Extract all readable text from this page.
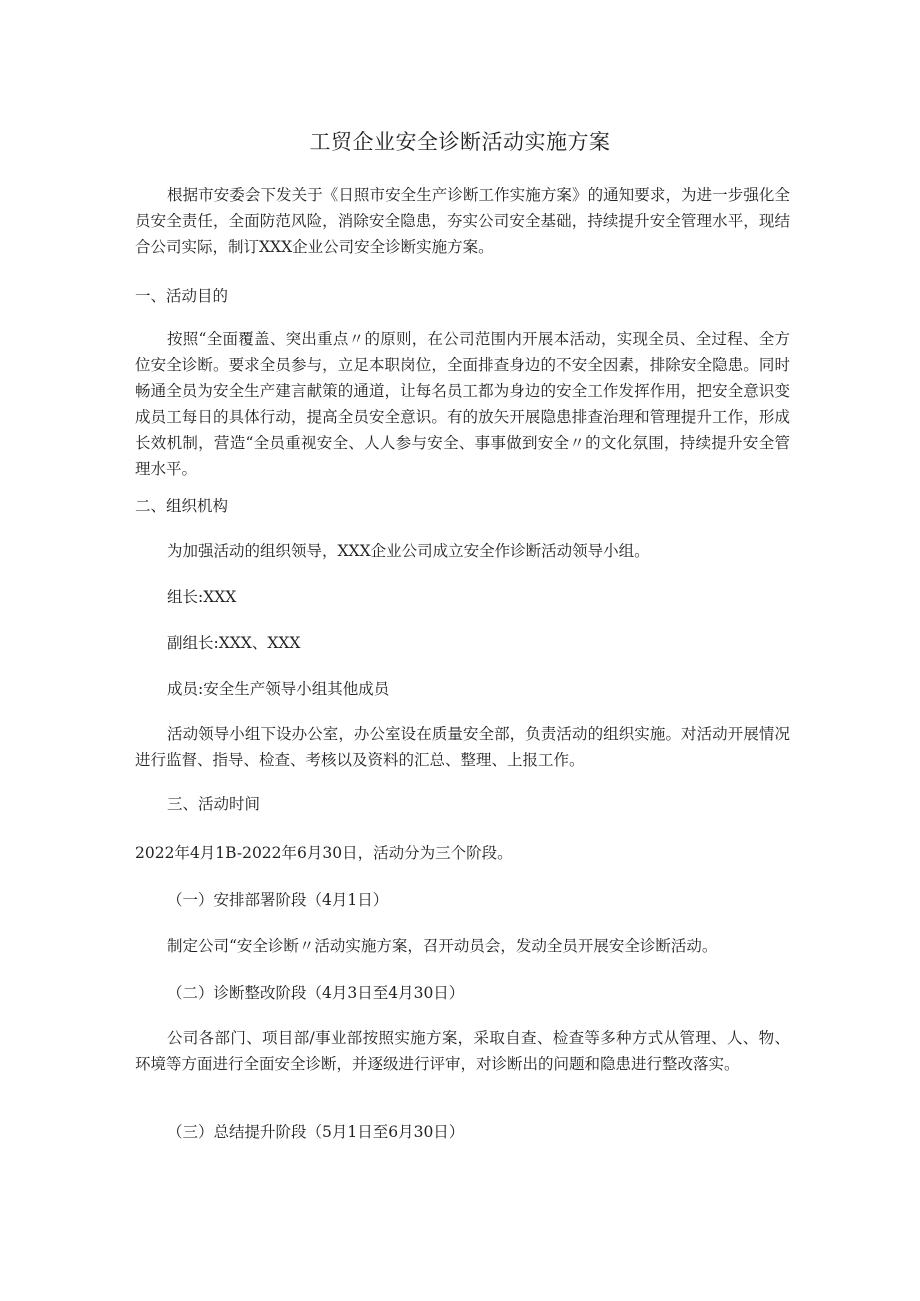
工贸企业安全诊断活动实施方案
根据市安委会下发关于《日照市安全生产诊断工作实施方案》的通知要求，为进一步强化全员安全责任，全面防范风险，消除安全隐患，夯实公司安全基础，持续提升安全管理水平，现结合公司实际，制订XXX企业公司安全诊断实施方案。
一、活动目的
按照“全面覆盖、突出重点〃的原则，在公司范围内开展本活动，实现全员、全过程、全方位安全诊断。要求全员参与，立足本职岗位，全面排查身边的不安全因素，排除安全隐患。同时畅通全员为安全生产建言献策的通道，让每名员工都为身边的安全工作发挥作用，把安全意识变成员工每日的具体行动，提高全员安全意识。有的放矢开展隐患排查治理和管理提升工作，形成长效机制，营造“全员重视安全、人人参与安全、事事做到安全〃的文化氛围，持续提升安全管理水平。
二、组织机构
为加强活动的组织领导，XXX企业公司成立安全作诊断活动领导小组。
组长:XXX
副组长:XXX、XXX
成员:安全生产领导小组其他成员
活动领导小组下设办公室，办公室设在质量安全部，负责活动的组织实施。对活动开展情况进行监督、指导、检查、考核以及资料的汇总、整理、上报工作。
三、活动时间
2022年4月1B-2022年6月30日，活动分为三个阶段。
（一）安排部署阶段（4月1日）
制定公司“安全诊断〃活动实施方案，召开动员会，发动全员开展安全诊断活动。
（二）诊断整改阶段（4月3日至4月30日）
公司各部门、项目部/事业部按照实施方案，采取自查、检查等多种方式从管理、人、物、环境等方面进行全面安全诊断，并逐级进行评审，对诊断出的问题和隐患进行整改落实。
（三）总结提升阶段（5月1日至6月30日）
